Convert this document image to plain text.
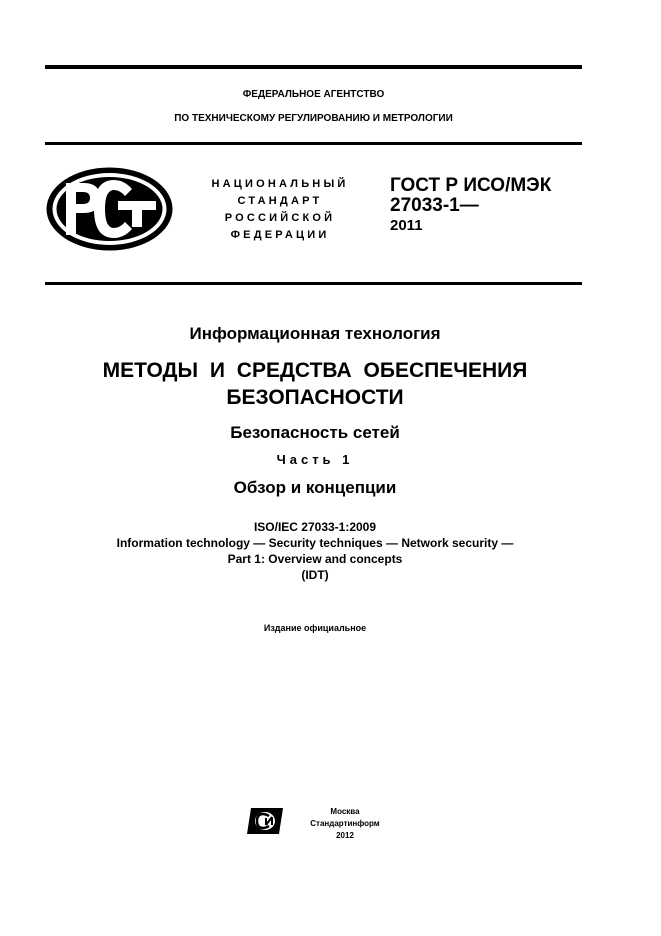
ФЕДЕРАЛЬНОЕ АГЕНТСТВО
ПО ТЕХНИЧЕСКОМУ РЕГУЛИРОВАНИЮ И МЕТРОЛОГИИ
НАЦИОНАЛЬНЫЙ
СТАНДАРТ
РОССИЙСКОЙ
ФЕДЕРАЦИИ
ГОСТ Р ИСО/МЭК
27033-1—
2011
Информационная технология
МЕТОДЫ И СРЕДСТВА ОБЕСПЕЧЕНИЯ
БЕЗОПАСНОСТИ
Безопасность сетей
Часть 1
Обзор и концепции
ISO/IEC 27033-1:2009
Information technology — Security techniques — Network security —
Part 1: Overview and concepts
(IDT)
Издание официальное
Москва
Стандартинформ
2012
